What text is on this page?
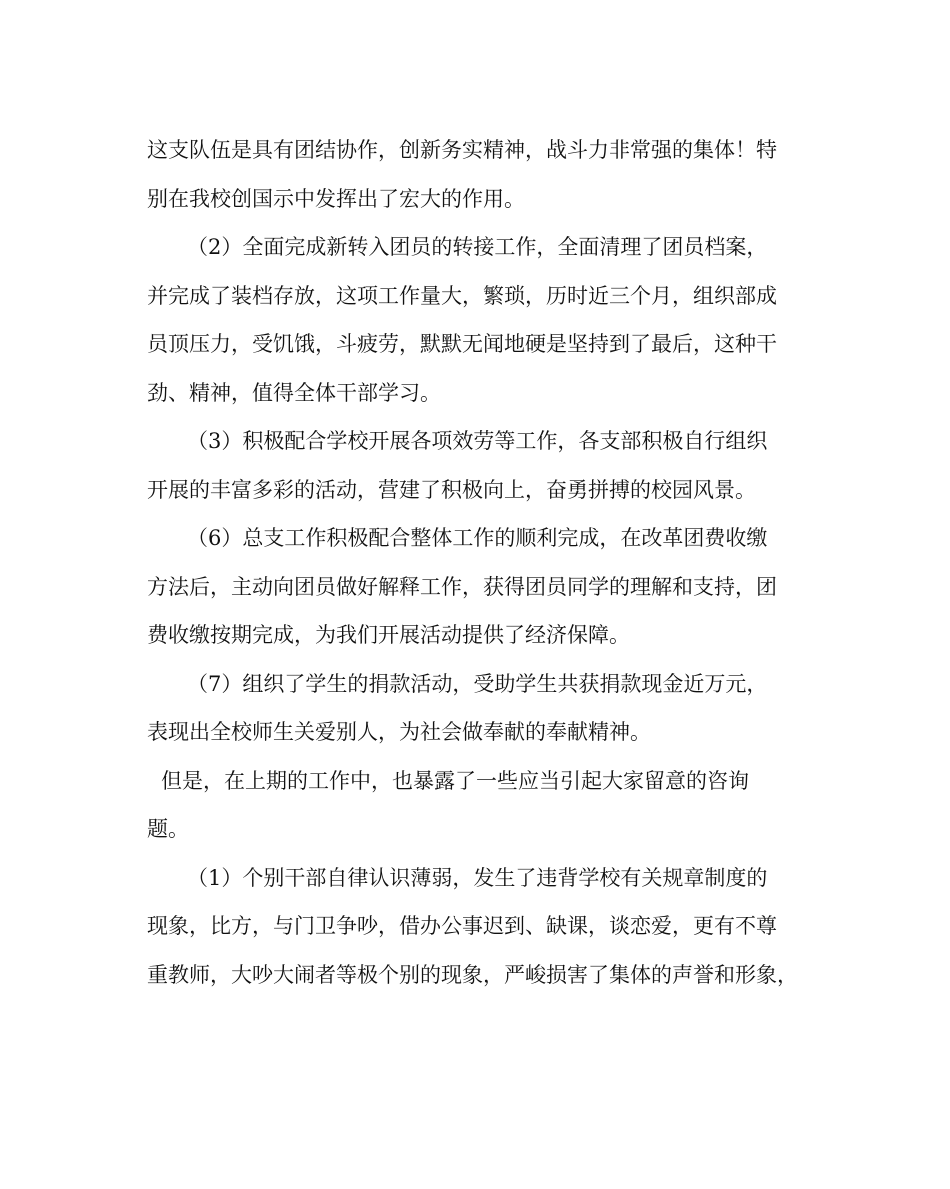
这支队伍是具有团结协作，创新务实精神，战斗力非常强的集体！特
别在我校创国示中发挥出了宏大的作用。
（2）全面完成新转入团员的转接工作，全面清理了团员档案，
并完成了装档存放，这项工作量大，繁琐，历时近三个月，组织部成
员顶压力，受饥饿，斗疲劳，默默无闻地硬是坚持到了最后，这种干
劲、精神，值得全体干部学习。
（3）积极配合学校开展各项效劳等工作，各支部积极自行组织
开展的丰富多彩的活动，营建了积极向上，奋勇拼搏的校园风景。
（6）总支工作积极配合整体工作的顺利完成，在改革团费收缴
方法后，主动向团员做好解释工作，获得团员同学的理解和支持，团
费收缴按期完成，为我们开展活动提供了经济保障。
（7）组织了学生的捐款活动，受助学生共获捐款现金近万元，
表现出全校师生关爱别人，为社会做奉献的奉献精神。
但是，在上期的工作中，也暴露了一些应当引起大家留意的咨询
题。
（1）个别干部自律认识薄弱，发生了违背学校有关规章制度的
现象，比方，与门卫争吵，借办公事迟到、缺课，谈恋爱，更有不尊
重教师，大吵大闹者等极个别的现象，严峻损害了集体的声誉和形象，
